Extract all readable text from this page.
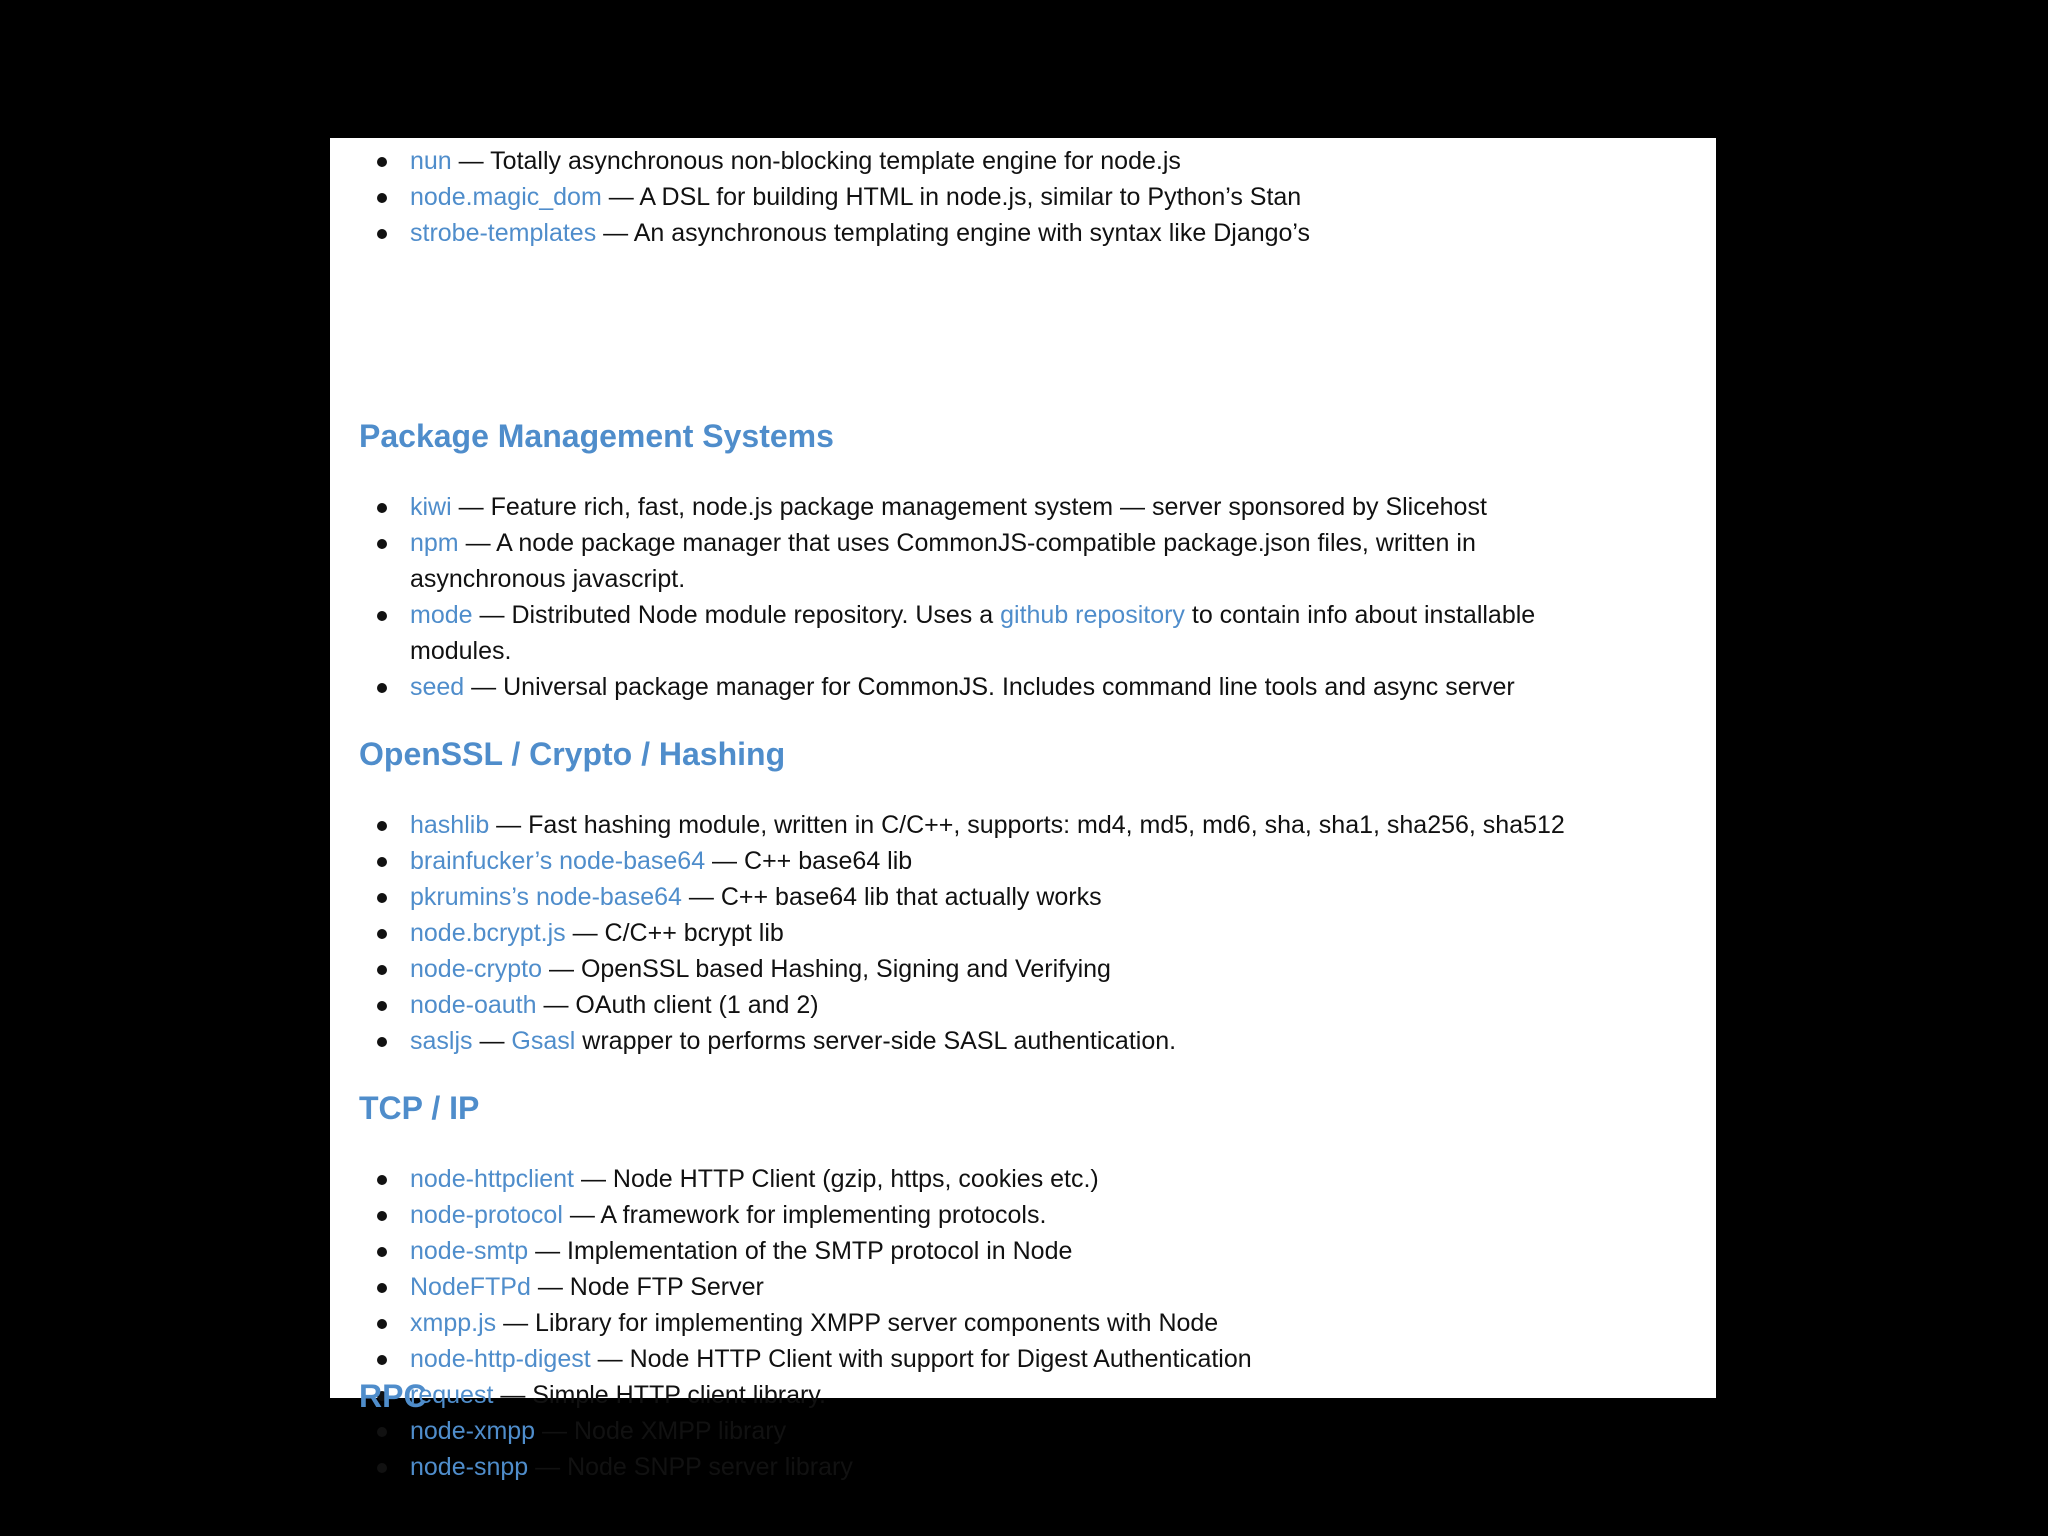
nun — Totally asynchronous non-blocking template engine for node.js
node.magic_dom — A DSL for building HTML in node.js, similar to Python’s Stan
strobe-templates — An asynchronous templating engine with syntax like Django’s
Package Management Systems
kiwi — Feature rich, fast, node.js package management system — server sponsored by Slicehost
npm — A node package manager that uses CommonJS-compatible package.json files, written in asynchronous javascript.
mode — Distributed Node module repository. Uses a github repository to contain info about installable modules.
seed — Universal package manager for CommonJS. Includes command line tools and async server
OpenSSL / Crypto / Hashing
hashlib — Fast hashing module, written in C/C++, supports: md4, md5, md6, sha, sha1, sha256, sha512
brainfucker’s node-base64 — C++ base64 lib
pkrumins’s node-base64 — C++ base64 lib that actually works
node.bcrypt.js — C/C++ bcrypt lib
node-crypto — OpenSSL based Hashing, Signing and Verifying
node-oauth — OAuth client (1 and 2)
sasljs — Gsasl wrapper to performs server-side SASL authentication.
TCP / IP
node-httpclient — Node HTTP Client (gzip, https, cookies etc.)
node-protocol — A framework for implementing protocols.
node-smtp — Implementation of the SMTP protocol in Node
NodeFTPd — Node FTP Server
xmpp.js — Library for implementing XMPP server components with Node
node-http-digest — Node HTTP Client with support for Digest Authentication
request — Simple HTTP client library.
node-xmpp — Node XMPP library
node-snpp — Node SNPP server library
RPC
